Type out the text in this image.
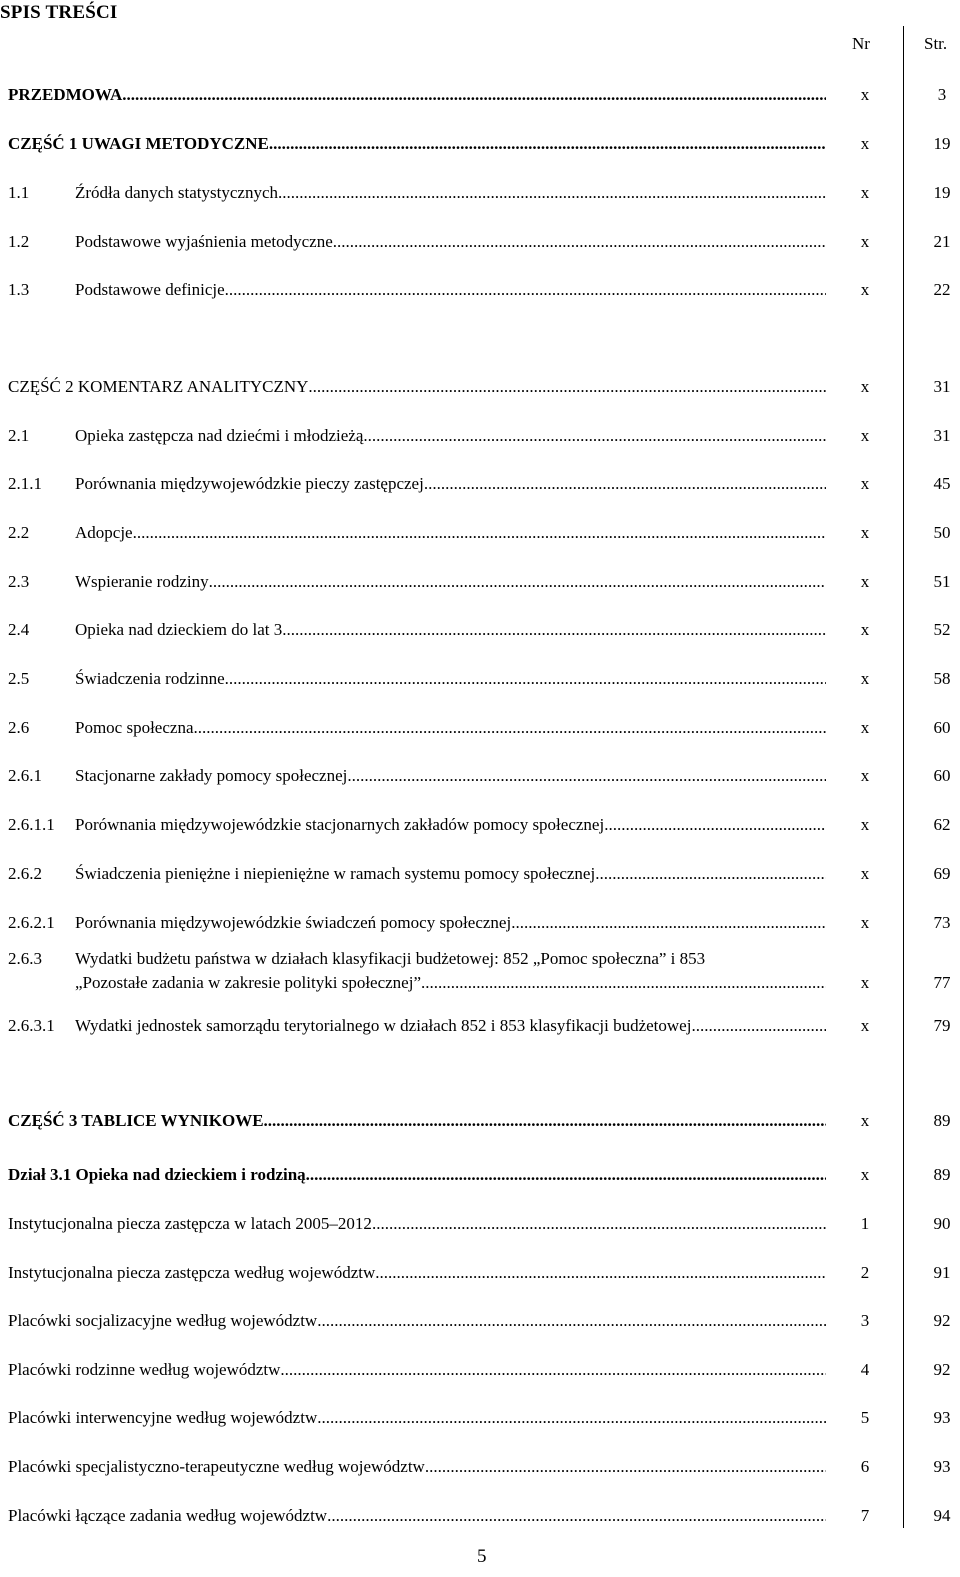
SPIS TREŚCI
Nr	Str.
PRZEDMOWA .....	x	3
CZĘŚĆ 1 UWAGI METODYCZNE .....	x	19
1.1	Źródła danych statystycznych .....	x	19
1.2	Podstawowe wyjaśnienia metodyczne .....	x	21
1.3	Podstawowe definicje .....	x	22
CZĘŚĆ 2 KOMENTARZ ANALITYCZNY .....	x	31
2.1	Opieka zastępcza nad dziećmi i młodzieżą .....	x	31
2.1.1	Porównania międzywojewódzkie pieczy zastępczej .....	x	45
2.2	Adopcje .....	x	50
2.3	Wspieranie rodziny .....	x	51
2.4	Opieka nad dzieckiem do lat 3 .....	x	52
2.5	Świadczenia rodzinne .....	x	58
2.6	Pomoc społeczna .....	x	60
2.6.1	Stacjonarne zakłady pomocy społecznej .....	x	60
2.6.1.1	Porównania międzywojewódzkie stacjonarnych zakładów pomocy społecznej .....	x	62
2.6.2	Świadczenia pieniężne i niepieniężne w ramach systemu pomocy społecznej .....	x	69
2.6.2.1	Porównania międzywojewódzkie świadczeń pomocy społecznej .....	x	73
2.6.3	Wydatki budżetu państwa w działach klasyfikacji budżetowej: 852 „Pomoc społeczna” i 853
„Pozostałe zadania w zakresie polityki społecznej” .....	x	77
2.6.3.1	Wydatki jednostek samorządu terytorialnego w działach 852 i 853 klasyfikacji budżetowej .....	x	79
CZĘŚĆ 3 TABLICE WYNIKOWE .....	x	89
Dział 3.1 Opieka nad dzieckiem i rodziną .....	x	89
Instytucjonalna piecza zastępcza w latach 2005–2012 .....	1	90
Instytucjonalna piecza zastępcza według województw .....	2	91
Placówki socjalizacyjne według województw .....	3	92
Placówki rodzinne według województw .....	4	92
Placówki interwencyjne według województw .....	5	93
Placówki specjalistyczno-terapeutyczne według województw .....	6	93
Placówki łączące zadania według województw .....	7	94
5
